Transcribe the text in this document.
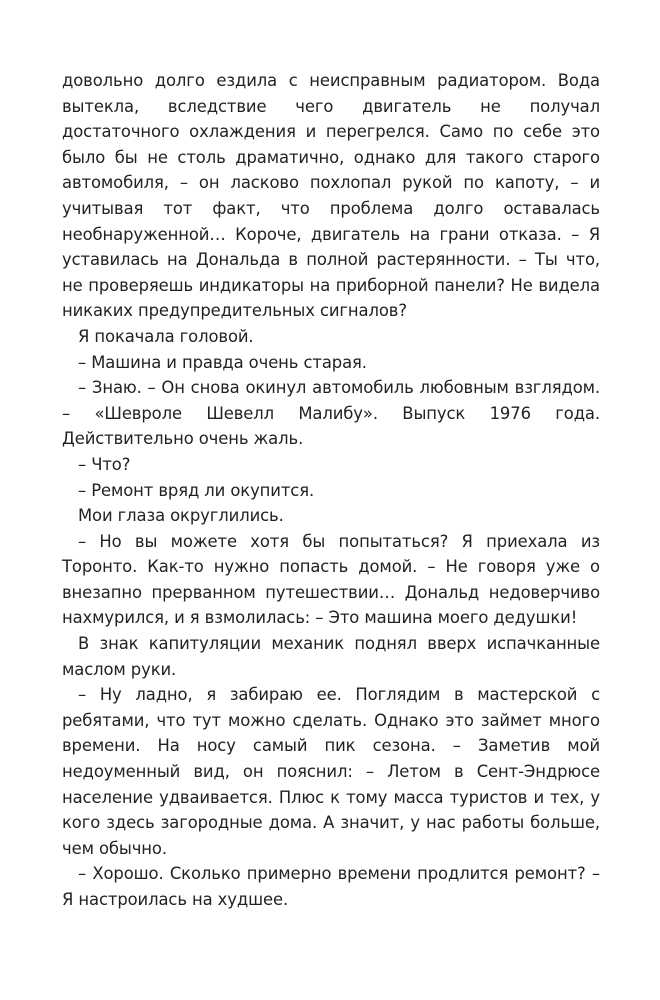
довольно долго ездила с неисправным радиатором. Вода вытекла, вследствие чего двигатель не получал достаточного охлаждения и перегрелся. Само по себе это было бы не столь драматично, однако для такого старого автомобиля, – он ласково похлопал рукой по капоту, – и учитывая тот факт, что проблема долго оставалась необнаруженной… Короче, двигатель на грани отказа. – Я уставилась на Дональда в полной растерянности. – Ты что, не проверяешь индикаторы на приборной панели? Не видела никаких предупредительных сигналов?

Я покачала головой.

– Машина и правда очень старая.

– Знаю. – Он снова окинул автомобиль любовным взглядом. – «Шевроле Шевелл Малибу». Выпуск 1976 года. Действительно очень жаль.

– Что?

– Ремонт вряд ли окупится.

Мои глаза округлились.

– Но вы можете хотя бы попытаться? Я приехала из Торонто. Как-то нужно попасть домой. – Не говоря уже о внезапно прерванном путешествии… Дональд недоверчиво нахмурился, и я взмолилась: – Это машина моего дедушки!

В знак капитуляции механик поднял вверх испачканные маслом руки.

– Ну ладно, я забираю ее. Поглядим в мастерской с ребятами, что тут можно сделать. Однако это займет много времени. На носу самый пик сезона. – Заметив мой недоуменный вид, он пояснил: – Летом в Сент-Эндрюсе население удваивается. Плюс к тому масса туристов и тех, у кого здесь загородные дома. А значит, у нас работы больше, чем обычно.

– Хорошо. Сколько примерно времени продлится ремонт? – Я настроилась на худшее.
